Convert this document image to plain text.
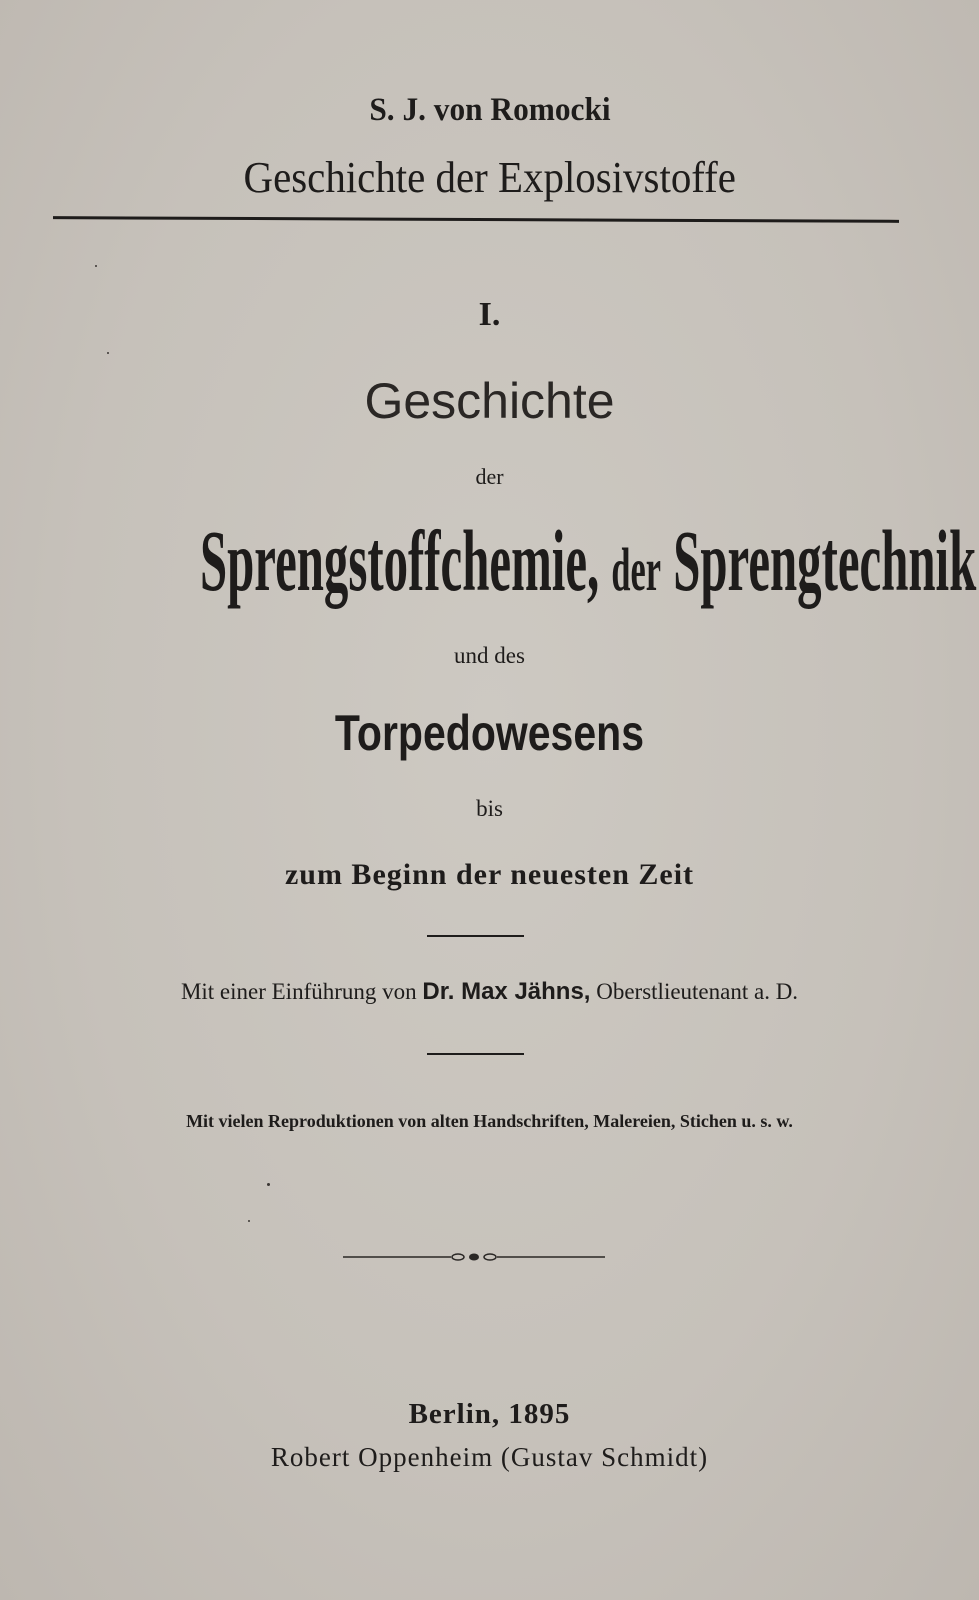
S. J. von Romocki
Geschichte der Explosivstoffe
I.
Geschichte
der
Sprengstoffchemie, der Sprengtechnik
und des
Torpedowesens
bis
zum Beginn der neuesten Zeit
Mit einer Einführung von Dr. Max Jähns, Oberstlieutenant a. D.
Mit vielen Reproduktionen von alten Handschriften, Malereien, Stichen u. s. w.
Berlin, 1895
Robert Oppenheim (Gustav Schmidt)
